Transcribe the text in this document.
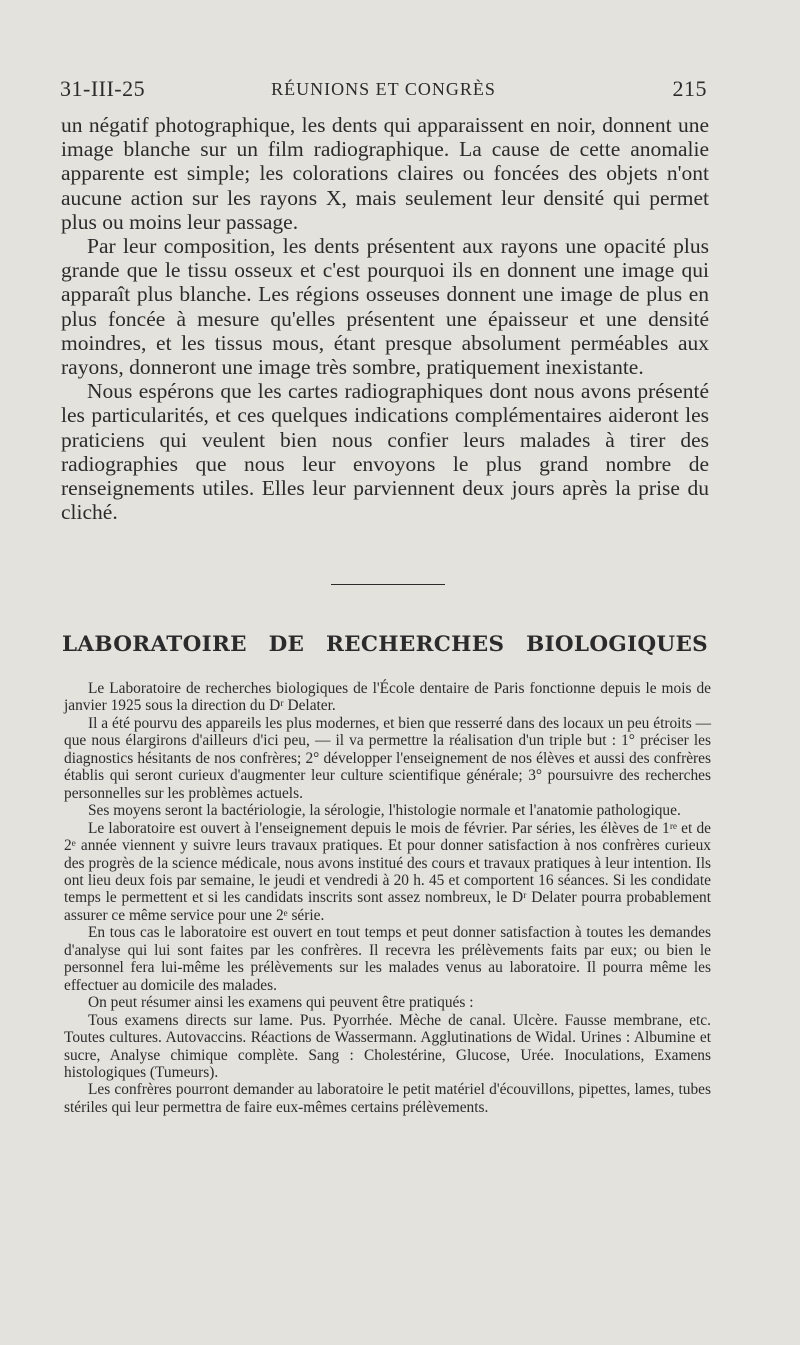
31-III-25	RÉUNIONS ET CONGRÈS	215

un négatif photographique, les dents qui apparaissent en noir, donnent une image blanche sur un film radiographique. La cause de cette anomalie apparente est simple; les colorations claires ou foncées des objets n'ont aucune action sur les rayons X, mais seulement leur densité qui permet plus ou moins leur passage.

Par leur composition, les dents présentent aux rayons une opacité plus grande que le tissu osseux et c'est pourquoi ils en donnent une image qui apparaît plus blanche. Les régions osseuses donnent une image de plus en plus foncée à mesure qu'elles présentent une épaisseur et une densité moindres, et les tissus mous, étant presque absolument perméables aux rayons, donneront une image très sombre, pratiquement inexistante.

Nous espérons que les cartes radiographiques dont nous avons présenté les particularités, et ces quelques indications complémentaires aideront les praticiens qui veulent bien nous confier leurs malades à tirer des radiographies que nous leur envoyons le plus grand nombre de renseignements utiles. Elles leur parviennent deux jours après la prise du cliché.

LABORATOIRE DE RECHERCHES BIOLOGIQUES

Le Laboratoire de recherches biologiques de l'École dentaire de Paris fonctionne depuis le mois de janvier 1925 sous la direction du Dʳ Delater.

Il a été pourvu des appareils les plus modernes, et bien que resserré dans des locaux un peu étroits — que nous élargirons d'ailleurs d'ici peu, — il va permettre la réalisation d'un triple but : 1° préciser les diagnostics hésitants de nos confrères; 2° développer l'enseignement de nos élèves et aussi des confrères établis qui seront curieux d'augmenter leur culture scientifique générale; 3° poursuivre des recherches personnelles sur les problèmes actuels.

Ses moyens seront la bactériologie, la sérologie, l'histologie normale et l'anatomie pathologique.

Le laboratoire est ouvert à l'enseignement depuis le mois de février. Par séries, les élèves de 1ʳᵉ et de 2ᵉ année viennent y suivre leurs travaux pratiques. Et pour donner satisfaction à nos confrères curieux des progrès de la science médicale, nous avons institué des cours et travaux pratiques à leur intention. Ils ont lieu deux fois par semaine, le jeudi et vendredi à 20 h. 45 et comportent 16 séances. Si les condidate temps le permettent et si les candidats inscrits sont assez nombreux, le Dʳ Delater pourra probablement assurer ce même service pour une 2ᵉ série.

En tous cas le laboratoire est ouvert en tout temps et peut donner satisfaction à toutes les demandes d'analyse qui lui sont faites par les confrères. Il recevra les prélèvements faits par eux; ou bien le personnel fera lui-même les prélèvements sur les malades venus au laboratoire. Il pourra même les effectuer au domicile des malades.

On peut résumer ainsi les examens qui peuvent être pratiqués :

Tous examens directs sur lame. Pus. Pyorrhée. Mèche de canal. Ulcère. Fausse membrane, etc. Toutes cultures. Autovaccins. Réactions de Wassermann. Agglutinations de Widal. Urines : Albumine et sucre, Analyse chimique complète. Sang : Cholestérine, Glucose, Urée. Inoculations, Examens histologiques (Tumeurs).

Les confrères pourront demander au laboratoire le petit matériel d'écouvillons, pipettes, lames, tubes stériles qui leur permettra de faire eux-mêmes certains prélèvements.
